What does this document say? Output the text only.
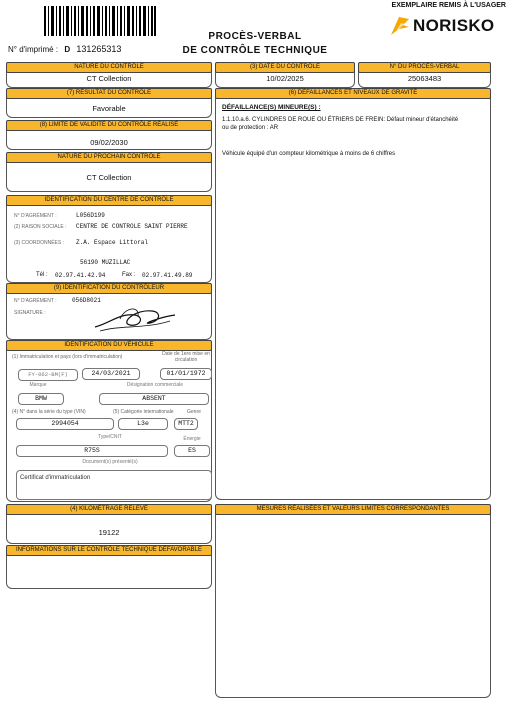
EXEMPLAIRE REMIS À L'USAGER
NORISKO
PROCÈS-VERBAL
DE CONTRÔLE TECHNIQUE
N° d'imprimé : D 131265313
NATURE DU CONTRÔLE
CT Collection
(3) DATE DU CONTRÔLE
10/02/2025
N° DU PROCÈS-VERBAL
25063483
(7) RÉSULTAT DU CONTRÔLE
Favorable
(8) LIMITE DE VALIDITÉ DU CONTRÔLE RÉALISÉ
09/02/2030
NATURE DU PROCHAIN CONTRÔLE
CT Collection
IDENTIFICATION DU CENTRE DE CONTRÔLE
N° D'AGRÉMENT :	L056D199
(2) RAISON SOCIALE : CENTRE DE CONTROLE SAINT PIERRE
(3) COORDONNÉES : Z.A. Espace Littoral
56190 MUZILLAC
Tél : 02.97.41.42.94	Fax : 02.97.41.49.89
(9) IDENTIFICATION DU CONTRÔLEUR
N° D'AGRÉMENT :	056D8021
SIGNATURE :
IDENTIFICATION DU VÉHICULE
(1) Immatriculation et pays (lors d'immatriculation)	Date de 1ere mise en circulation
FY-062-BM(F)	24/03/2021	01/01/1972
Marque	Désignation commerciale
BMW	ABSENT
(4) N° dans la série du type (VIN)	(5) Catégorie internationale	Genre
2994054	L3e	MTT2
Type/CNIT	Énergie
R75S	ES
Document(s) présenté(s)
Certificat d'immatriculation
(4) KILOMÉTRAGE RELEVÉ
19122
INFORMATIONS SUR LE CONTRÔLE TECHNIQUE DÉFAVORABLE
(6) DÉFAILLANCES ET NIVEAUX DE GRAVITÉ
DÉFAILLANCE(S) MINEURE(S) :
1.1.10.a.6. CYLINDRES DE ROUE OU ÉTRIERS DE FREIN: Défaut mineur d'étanchéité ou de protection : AR
Véhicule équipé d'un compteur kilométrique à moins de 6 chiffres
MESURES RÉALISÉES ET VALEURS LIMITES CORRESPONDANTES
